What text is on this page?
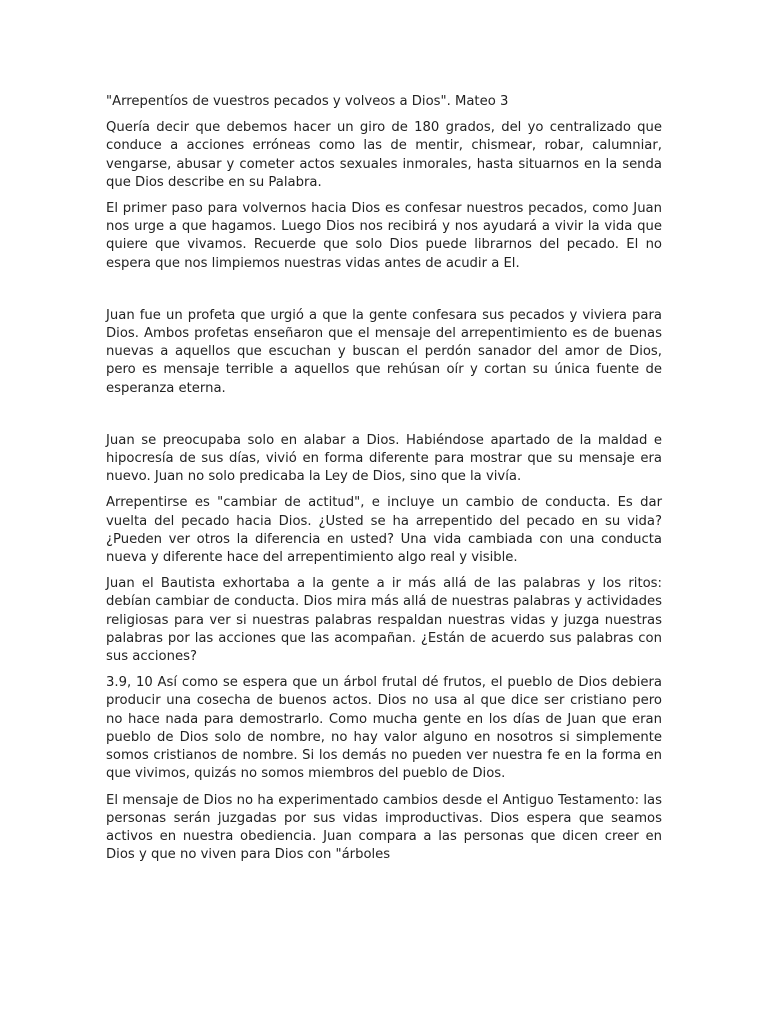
"Arrepentíos de vuestros pecados y volveos a Dios". Mateo 3

Quería decir que debemos hacer un giro de 180 grados, del yo centralizado que conduce a acciones erróneas como las de mentir, chismear, robar, calumniar, vengarse, abusar y cometer actos sexuales inmorales, hasta situarnos en la senda que Dios describe en su Palabra.

El primer paso para volvernos hacia Dios es confesar nuestros pecados, como Juan nos urge a que hagamos. Luego Dios nos recibirá y nos ayudará a vivir la vida que quiere que vivamos. Recuerde que solo Dios puede librarnos del pecado. El no espera que nos limpiemos nuestras vidas antes de acudir a El.

Juan fue un profeta que urgió a que la gente confesara sus pecados y viviera para Dios. Ambos profetas enseñaron que el mensaje del arrepentimiento es de buenas nuevas a aquellos que escuchan y buscan el perdón sanador del amor de Dios, pero es mensaje terrible a aquellos que rehúsan oír y cortan su única fuente de esperanza eterna.

Juan se preocupaba solo en alabar a Dios. Habiéndose apartado de la maldad e hipocresía de sus días, vivió en forma diferente para mostrar que su mensaje era nuevo. Juan no solo predicaba la Ley de Dios, sino que la vivía.

Arrepentirse es "cambiar de actitud", e incluye un cambio de conducta. Es dar vuelta del pecado hacia Dios. ¿Usted se ha arrepentido del pecado en su vida? ¿Pueden ver otros la diferencia en usted? Una vida cambiada con una conducta nueva y diferente hace del arrepentimiento algo real y visible.

Juan el Bautista exhortaba a la gente a ir más allá de las palabras y los ritos: debían cambiar de conducta. Dios mira más allá de nuestras palabras y actividades religiosas para ver si nuestras palabras respaldan nuestras vidas y juzga nuestras palabras por las acciones que las acompañan. ¿Están de acuerdo sus palabras con sus acciones?

3.9, 10 Así como se espera que un árbol frutal dé frutos, el pueblo de Dios debiera producir una cosecha de buenos actos. Dios no usa al que dice ser cristiano pero no hace nada para demostrarlo. Como mucha gente en los días de Juan que eran pueblo de Dios solo de nombre, no hay valor alguno en nosotros si simplemente somos cristianos de nombre. Si los demás no pueden ver nuestra fe en la forma en que vivimos, quizás no somos miembros del pueblo de Dios.

El mensaje de Dios no ha experimentado cambios desde el Antiguo Testamento: las personas serán juzgadas por sus vidas improductivas. Dios espera que seamos activos en nuestra obediencia. Juan compara a las personas que dicen creer en Dios y que no viven para Dios con "árboles
